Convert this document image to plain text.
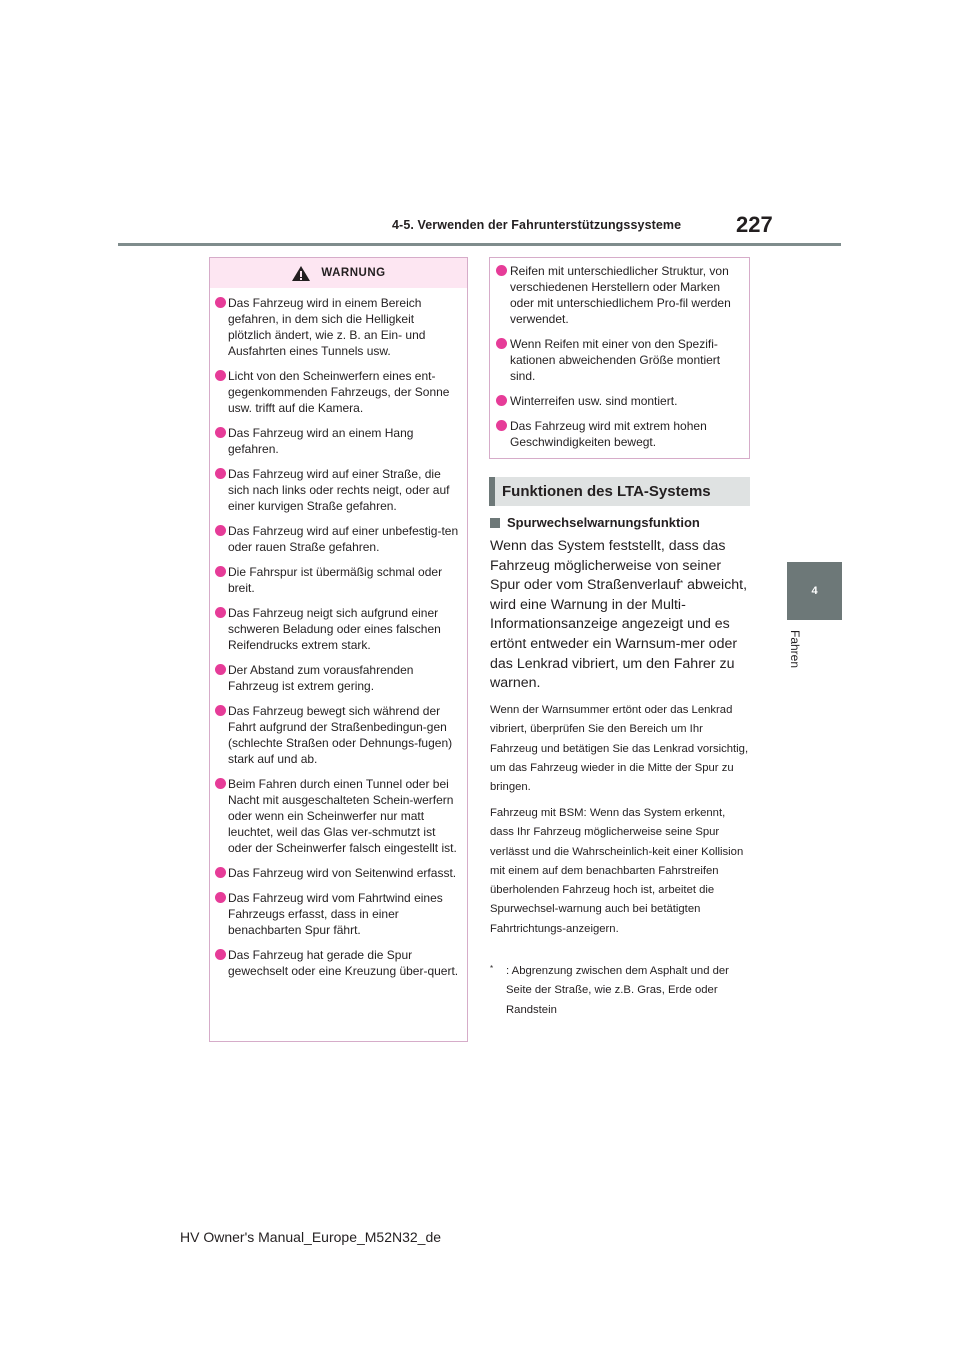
4-5. Verwenden der Fahrunterstützungssysteme 227
4
Fahren
WARNUNG
Das Fahrzeug wird in einem Bereich gefahren, in dem sich die Helligkeit plötzlich ändert, wie z. B. an Ein- und Ausfahrten eines Tunnels usw.
Licht von den Scheinwerfern eines ent-gegenkommenden Fahrzeugs, der Sonne usw. trifft auf die Kamera.
Das Fahrzeug wird an einem Hang gefahren.
Das Fahrzeug wird auf einer Straße, die sich nach links oder rechts neigt, oder auf einer kurvigen Straße gefahren.
Das Fahrzeug wird auf einer unbefestig-ten oder rauen Straße gefahren.
Die Fahrspur ist übermäßig schmal oder breit.
Das Fahrzeug neigt sich aufgrund einer schweren Beladung oder eines falschen Reifendrucks extrem stark.
Der Abstand zum vorausfahrenden Fahrzeug ist extrem gering.
Das Fahrzeug bewegt sich während der Fahrt aufgrund der Straßenbedingun-gen (schlechte Straßen oder Dehnungs-fugen) stark auf und ab.
Beim Fahren durch einen Tunnel oder bei Nacht mit ausgeschalteten Schein-werfern oder wenn ein Scheinwerfer nur matt leuchtet, weil das Glas ver-schmutzt ist oder der Scheinwerfer falsch eingestellt ist.
Das Fahrzeug wird von Seitenwind erfasst.
Das Fahrzeug wird vom Fahrtwind eines Fahrzeugs erfasst, dass in einer benachbarten Spur fährt.
Das Fahrzeug hat gerade die Spur gewechselt oder eine Kreuzung über-quert.
Reifen mit unterschiedlicher Struktur, von verschiedenen Herstellern oder Marken oder mit unterschiedlichem Pro-fil werden verwendet.
Wenn Reifen mit einer von den Spezifi-kationen abweichenden Größe montiert sind.
Winterreifen usw. sind montiert.
Das Fahrzeug wird mit extrem hohen Geschwindigkeiten bewegt.
Funktionen des LTA-Systems
Spurwechselwarnungsfunktion
Wenn das System feststellt, dass das Fahrzeug möglicherweise von seiner Spur oder vom Straßenverlauf* abweicht, wird eine Warnung in der Multi-Informationsanzeige angezeigt und es ertönt entweder ein Warnsum-mer oder das Lenkrad vibriert, um den Fahrer zu warnen.
Wenn der Warnsummer ertönt oder das Lenkrad vibriert, überprüfen Sie den Bereich um Ihr Fahrzeug und betätigen Sie das Lenkrad vorsichtig, um das Fahrzeug wieder in die Mitte der Spur zu bringen.
Fahrzeug mit BSM: Wenn das System erkennt, dass Ihr Fahrzeug möglicherweise seine Spur verlässt und die Wahrscheinlich-keit einer Kollision mit einem auf dem benachbarten Fahrstreifen überholenden Fahrzeug hoch ist, arbeitet die Spurwechsel-warnung auch bei betätigten Fahrtrichtungs-anzeigern.
*	: Abgrenzung zwischen dem Asphalt und der Seite der Straße, wie z.B. Gras, Erde oder Randstein
HV Owner's Manual_Europe_M52N32_de
